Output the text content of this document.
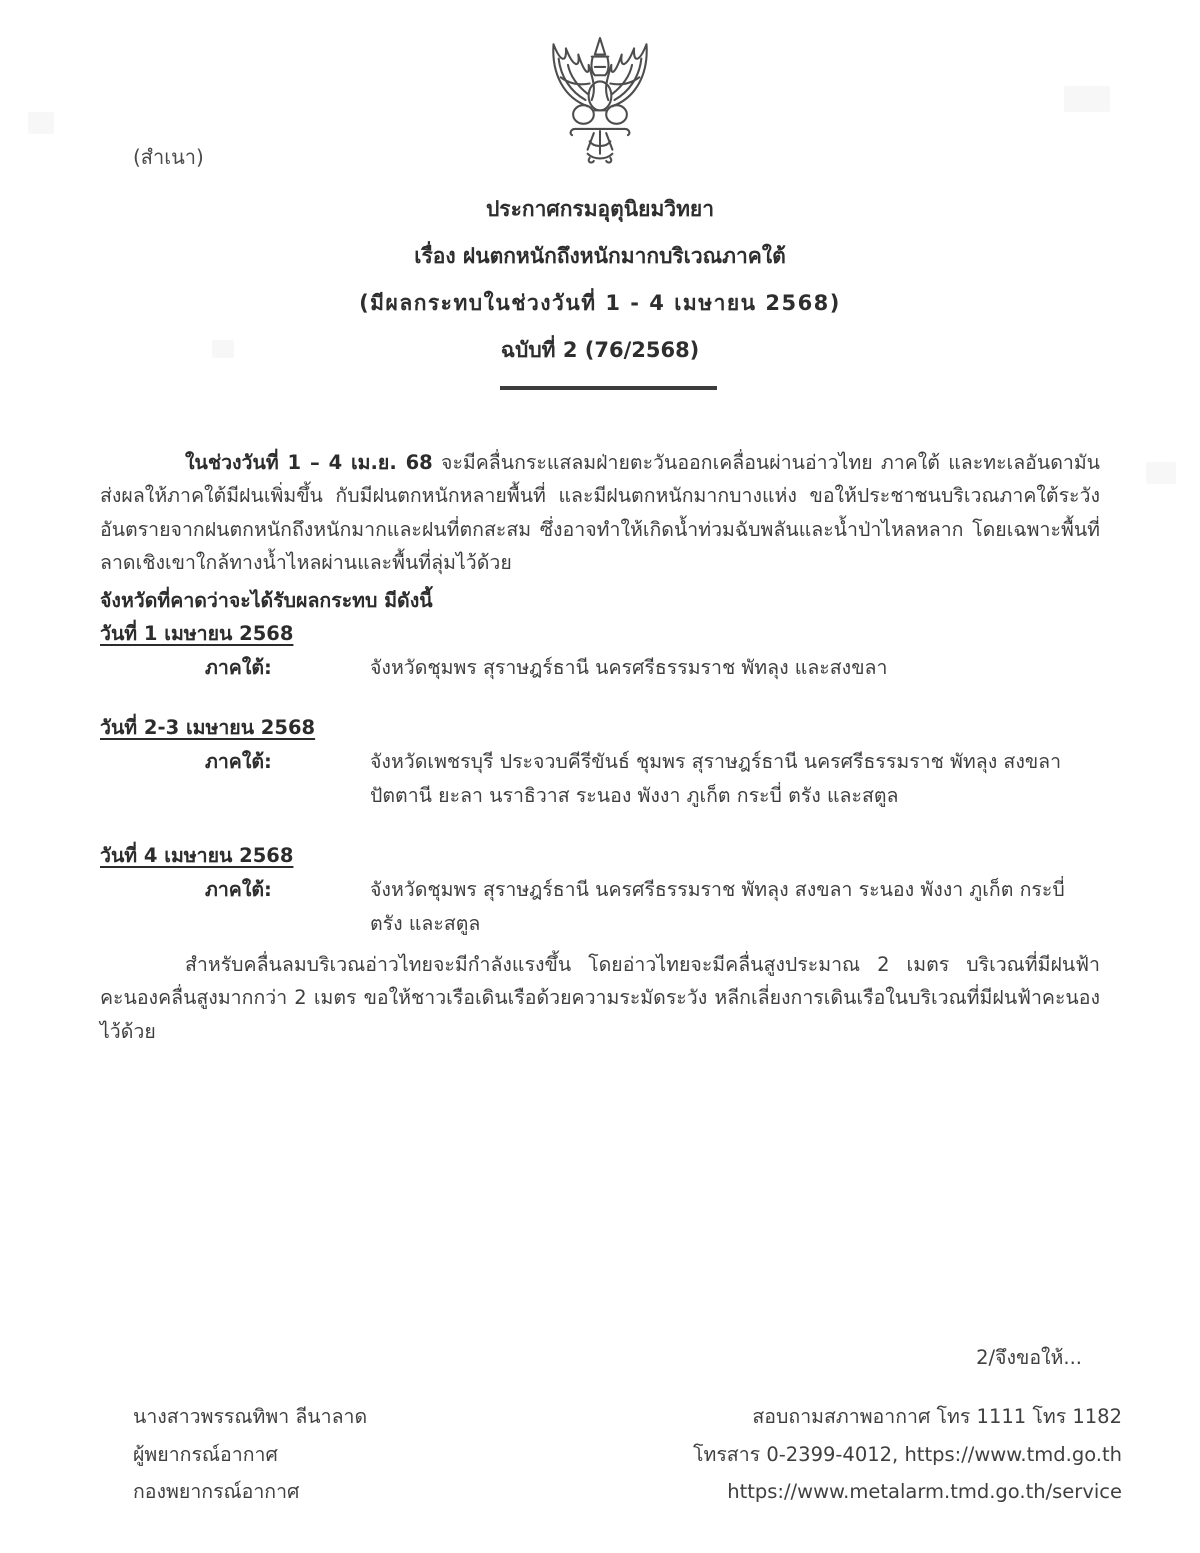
(สำเนา)
ประกาศกรมอุตุนิยมวิทยา
เรื่อง ฝนตกหนักถึงหนักมากบริเวณภาคใต้
(มีผลกระทบในช่วงวันที่ 1 - 4 เมษายน 2568)
ฉบับที่ 2 (76/2568)

ในช่วงวันที่ 1 – 4 เม.ย. 68 จะมีคลื่นกระแสลมฝ่ายตะวันออกเคลื่อนผ่านอ่าวไทย ภาคใต้ และทะเลอันดามัน ส่งผลให้ภาคใต้มีฝนเพิ่มขึ้น กับมีฝนตกหนักหลายพื้นที่ และมีฝนตกหนักมากบางแห่ง ขอให้ประชาชนบริเวณภาคใต้ระวังอันตรายจากฝนตกหนักถึงหนักมากและฝนที่ตกสะสม ซึ่งอาจทำให้เกิดน้ำท่วมฉับพลันและน้ำป่าไหลหลาก โดยเฉพาะพื้นที่ลาดเชิงเขาใกล้ทางน้ำไหลผ่านและพื้นที่ลุ่มไว้ด้วย

จังหวัดที่คาดว่าจะได้รับผลกระทบ มีดังนี้
วันที่ 1 เมษายน 2568
ภาคใต้:	จังหวัดชุมพร สุราษฎร์ธานี นครศรีธรรมราช พัทลุง และสงขลา
วันที่ 2-3 เมษายน 2568
ภาคใต้:	จังหวัดเพชรบุรี ประจวบคีรีขันธ์ ชุมพร สุราษฎร์ธานี นครศรีธรรมราช พัทลุง สงขลา ปัตตานี ยะลา นราธิวาส ระนอง พังงา ภูเก็ต กระบี่ ตรัง และสตูล
วันที่ 4 เมษายน 2568
ภาคใต้:	จังหวัดชุมพร สุราษฎร์ธานี นครศรีธรรมราช พัทลุง สงขลา ระนอง พังงา ภูเก็ต กระบี่ ตรัง และสตูล

สำหรับคลื่นลมบริเวณอ่าวไทยจะมีกำลังแรงขึ้น โดยอ่าวไทยจะมีคลื่นสูงประมาณ 2 เมตร บริเวณที่มีฝนฟ้าคะนองคลื่นสูงมากกว่า 2 เมตร ขอให้ชาวเรือเดินเรือด้วยความระมัดระวัง หลีกเลี่ยงการเดินเรือในบริเวณที่มีฝนฟ้าคะนองไว้ด้วย

2/จึงขอให้...
นางสาวพรรณทิพา ลีนาลาด
ผู้พยากรณ์อากาศ
กองพยากรณ์อากาศ
สอบถามสภาพอากาศ โทร 1111 โทร 1182
โทรสาร 0-2399-4012, https://www.tmd.go.th
https://www.metalarm.tmd.go.th/service
